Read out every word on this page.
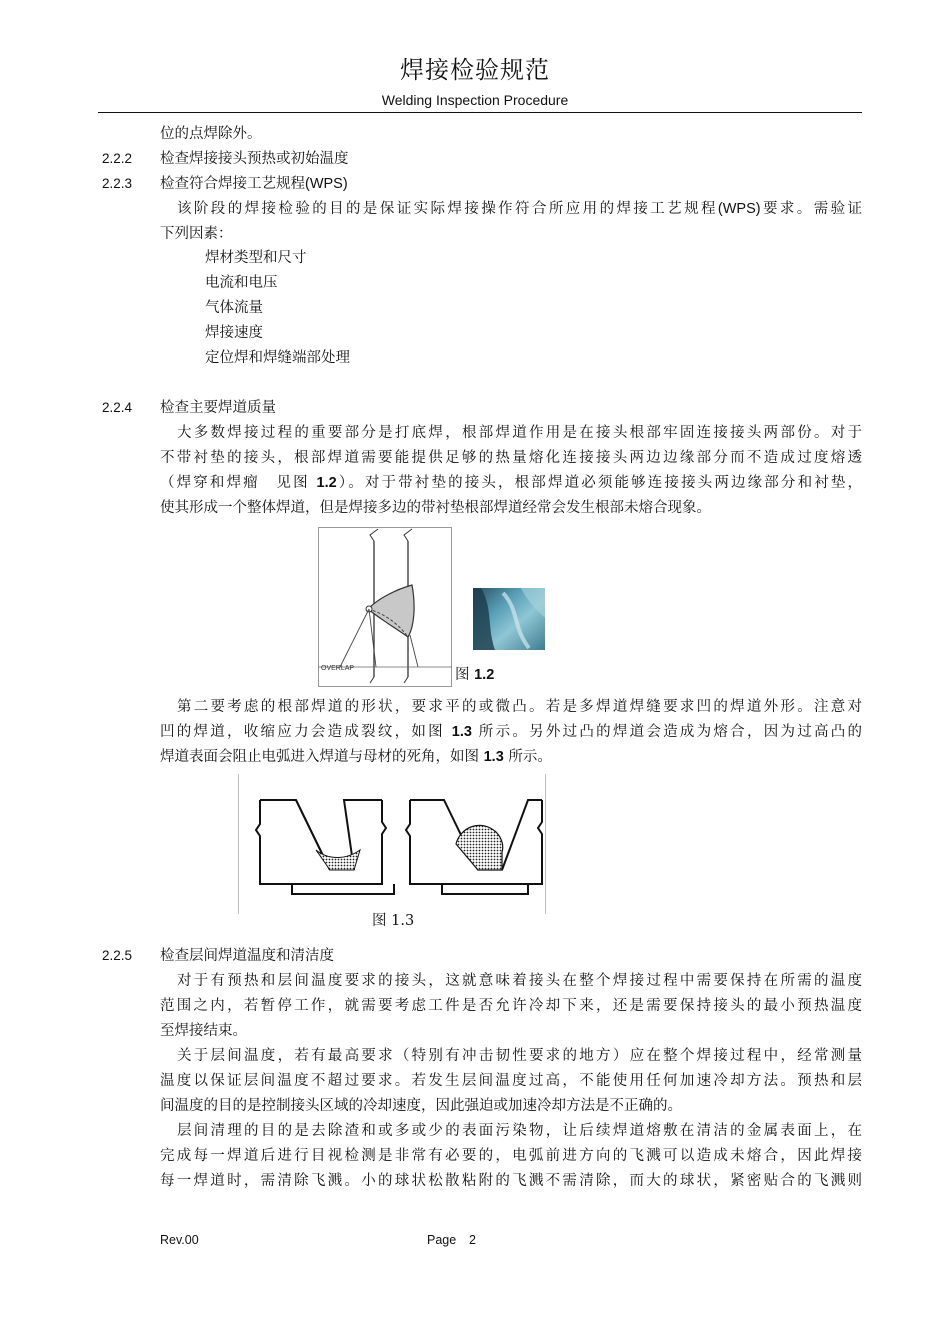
焊接检验规范
Welding Inspection Procedure
位的点焊除外。
2.2.2 检查焊接接头预热或初始温度
2.2.3 检查符合焊接工艺规程(WPS)
该阶段的焊接检验的目的是保证实际焊接操作符合所应用的焊接工艺规程(WPS)要求。需验证
下列因素：
焊材类型和尺寸
电流和电压
气体流量
焊接速度
定位焊和焊缝端部处理
2.2.4 检查主要焊道质量
大多数焊接过程的重要部分是打底焊，根部焊道作用是在接头根部牢固连接接头两部份。对于
不带衬垫的接头，根部焊道需要能提供足够的热量熔化连接接头两边边缘部分而不造成过度熔透
（焊穿和焊瘤　见图 1.2）。对于带衬垫的接头，根部焊道必须能够连接接头两边缘部分和衬垫，
使其形成一个整体焊道，但是焊接多边的带衬垫根部焊道经常会发生根部未熔合现象。
OVERLAP	图 1.2
第二要考虑的根部焊道的形状，要求平的或微凸。若是多焊道焊缝要求凹的焊道外形。注意对
凹的焊道，收缩应力会造成裂纹，如图 1.3 所示。另外过凸的焊道会造成为熔合，因为过高凸的
焊道表面会阻止电弧进入焊道与母材的死角，如图 1.3 所示。
图 1.3
2.2.5 检查层间焊道温度和清洁度
对于有预热和层间温度要求的接头，这就意味着接头在整个焊接过程中需要保持在所需的温度
范围之内，若暂停工作，就需要考虑工件是否允许冷却下来，还是需要保持接头的最小预热温度
至焊接结束。
关于层间温度，若有最高要求（特别有冲击韧性要求的地方）应在整个焊接过程中，经常测量
温度以保证层间温度不超过要求。若发生层间温度过高，不能使用任何加速冷却方法。预热和层
间温度的目的是控制接头区域的冷却速度，因此强迫或加速冷却方法是不正确的。
层间清理的目的是去除渣和或多或少的表面污染物，让后续焊道熔敷在清洁的金属表面上，在
完成每一焊道后进行目视检测是非常有必要的，电弧前进方向的飞溅可以造成未熔合，因此焊接
每一焊道时，需清除飞溅。小的球状松散粘附的飞溅不需清除，而大的球状，紧密贴合的飞溅则
Rev.00	Page 2
